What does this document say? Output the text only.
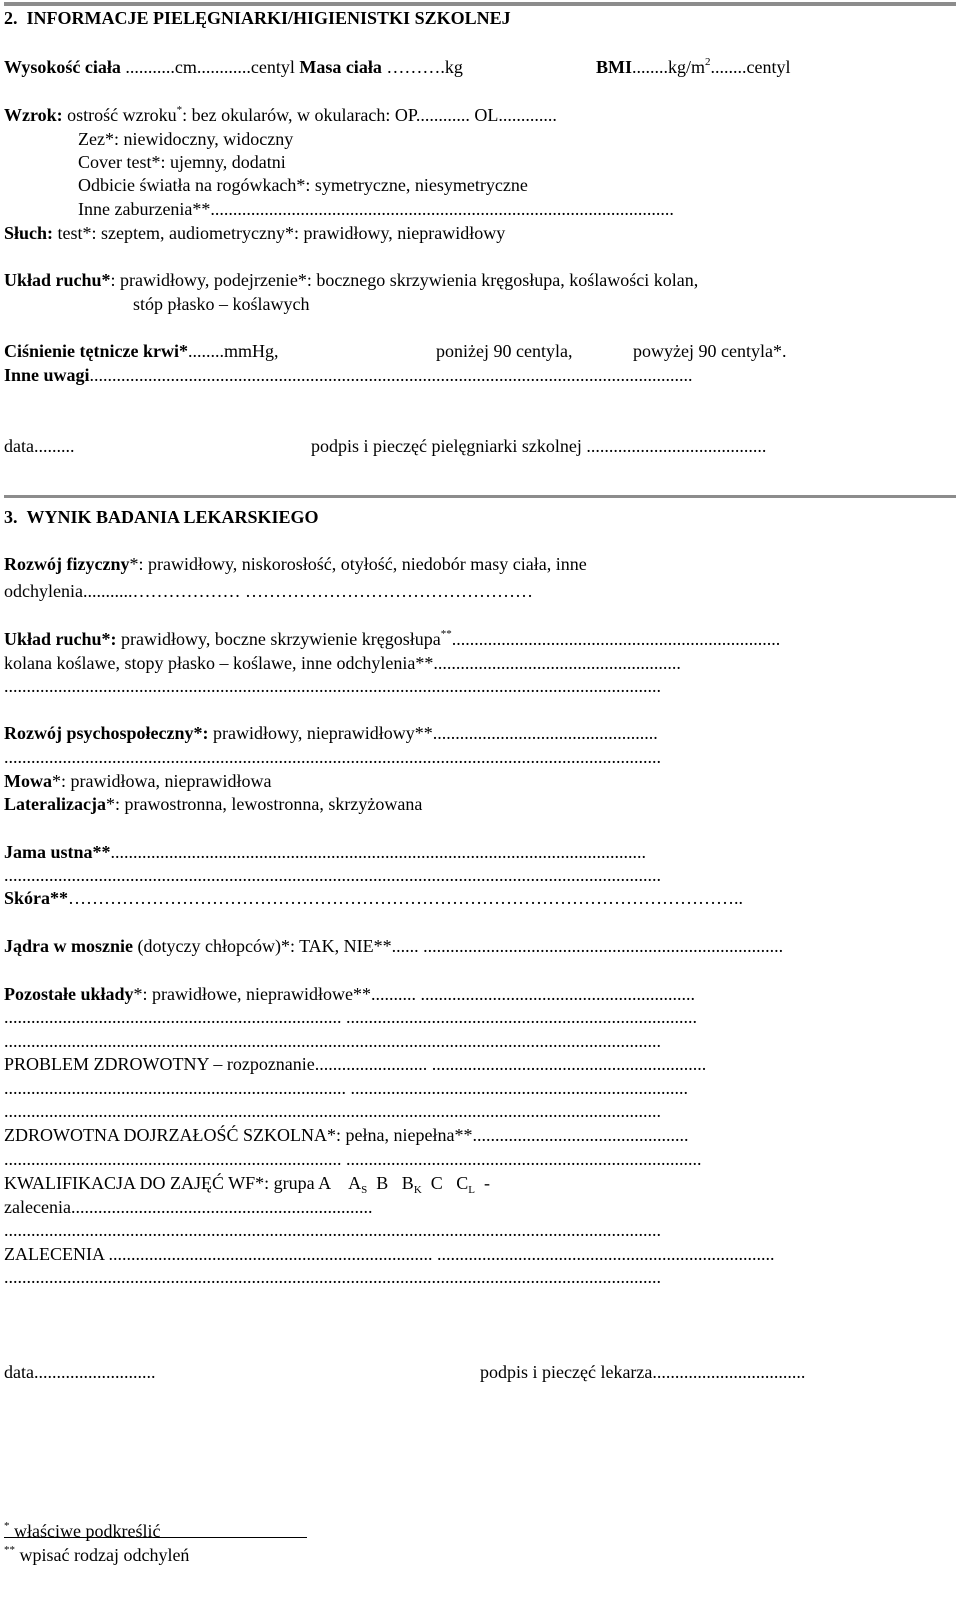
2.  INFORMACJE PIELĘGNIARKI/HIGIENISTKI SZKOLNEJ
Wysokość ciała ...........cm............centyl Masa ciała ……….kg	$BMI........kg/m^2........centyl$
Wzrok: ostrość wzroku*: bez okularów, w okularach: OP............ OL.............
Zez*: niewidoczny, widoczny
Cover test*: ujemny, dodatni
Odbicie światła na rogówkach*: symetryczne, niesymetryczne
Inne zaburzenia**.......................................................................................................
Słuch: test*: szeptem, audiometryczny*: prawidłowy, nieprawidłowy
Układ ruchu*: prawidłowy, podejrzenie*: bocznego skrzywienia kręgosłupa, koślawości kolan,
stóp płasko – koślawych
Ciśnienie tętnicze krwi*........mmHg,	poniżej 90 centyla,	powyżej 90 centyla*.
Inne uwagi......................................................................................................................................
data.........	podpis i pieczęć pielęgniarki szkolnej ........................................
3.  WYNIK BADANIA LEKARSKIEGO
Rozwój fizyczny*: prawidłowy, niskorosłość, otyłość, niedobór masy ciała, inne
odchylenia...........……………… …………………………………………
Układ ruchu*: prawidłowy, boczne skrzywienie kręgosłupa**.........................................................................
kolana koślawe, stopy płasko – koślawe, inne odchylenia**.......................................................
..................................................................................................................................................
Rozwój psychospołeczny*: prawidłowy, nieprawidłowy**..................................................
..................................................................................................................................................
Mowa*: prawidłowa, nieprawidłowa
Lateralizacja*: prawostronna, lewostronna, skrzyżowana
Jama ustna**.......................................................................................................................
..................................................................................................................................................
Skóra**…………………………………………………………………………………………………..
Jądra w mosznie (dotyczy chłopców)*: TAK, NIE**...... ................................................................................
Pozostałe układy*: prawidłowe, nieprawidłowe**.......... .............................................................
........................................................................... ..............................................................................
..................................................................................................................................................
PROBLEM ZDROWOTNY – rozpoznanie......................... .............................................................
............................................................................ ...........................................................................
..................................................................................................................................................
ZDROWOTNA DOJRZAŁOŚĆ SZKOLNA*: pełna, niepełna**................................................
........................................................................... ...............................................................................
KWALIFIKACJA DO ZAJĘĆ WF*: grupa A    $A_S$  B   $B_K$  C   $C_L$  -
zalecenia...................................................................
..................................................................................................................................................
ZALECENIA ........................................................................ ...........................................................................
..................................................................................................................................................
data...........................	podpis i pieczęć lekarza..................................
* właściwe podkreślić
** wpisać rodzaj odchyleń
